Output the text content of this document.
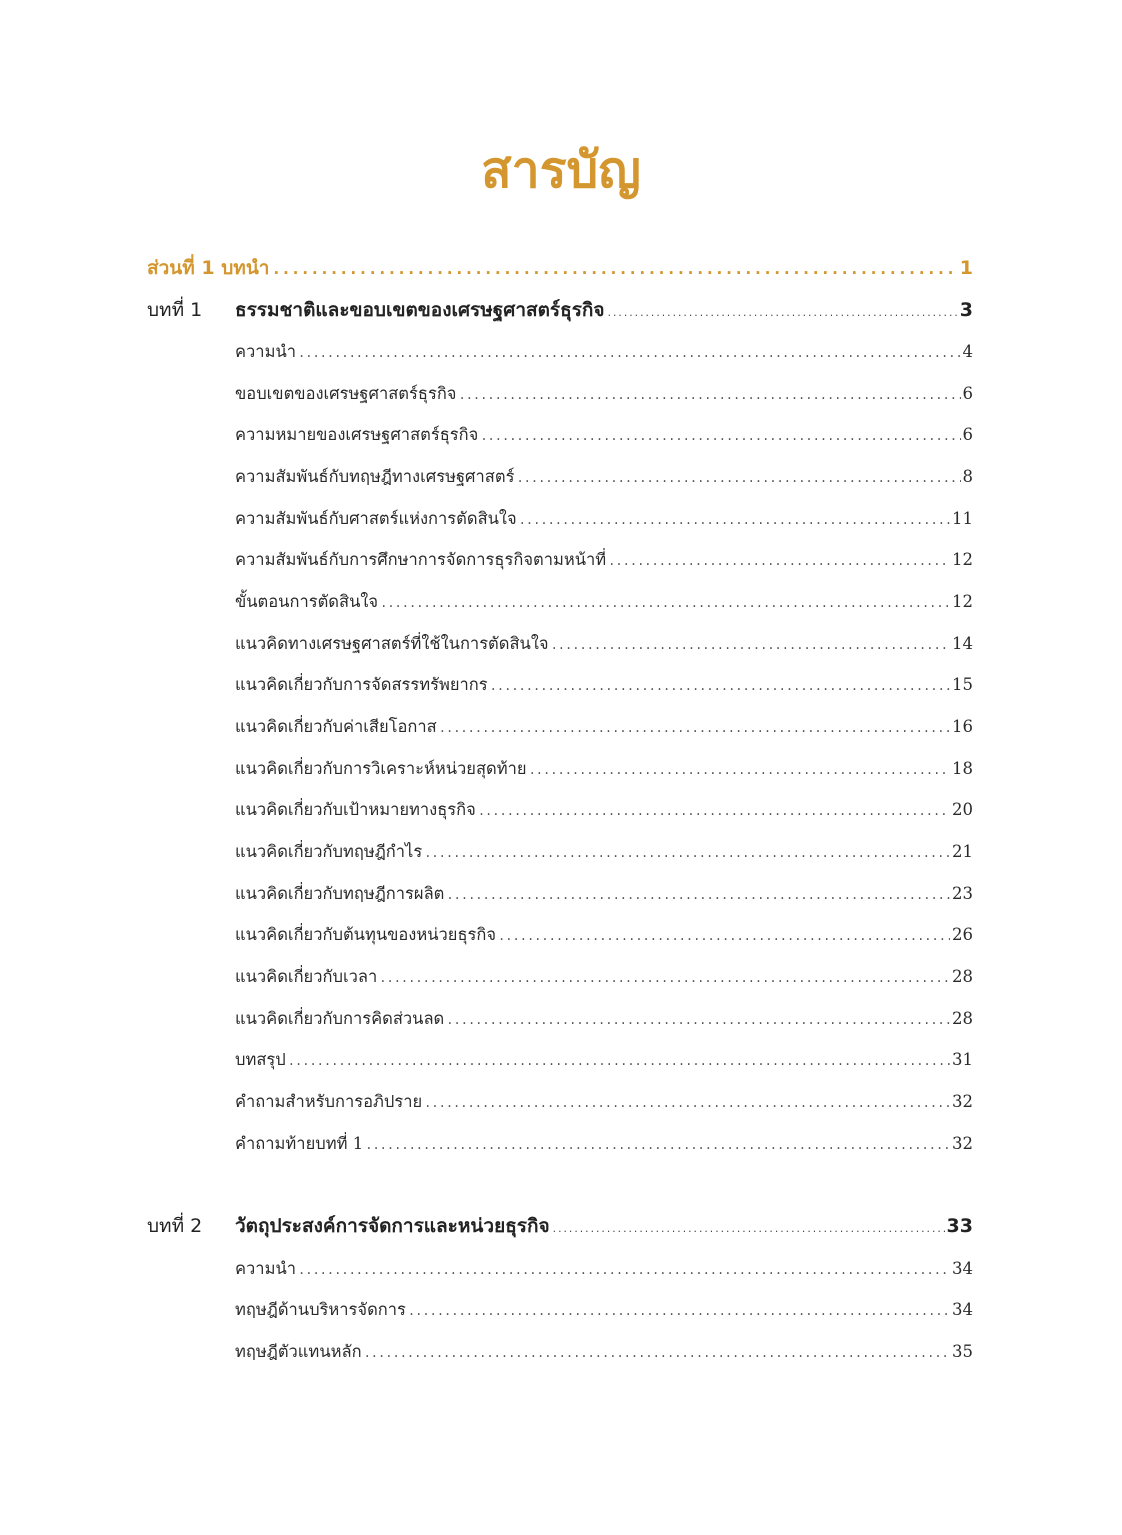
สารบัญ
ส่วนที่ 1 บทนำ .....	1
บทที่ 1	ธรรมชาติและขอบเขตของเศรษฐศาสตร์ธุรกิจ .....	3
ความนำ .....	4
ขอบเขตของเศรษฐศาสตร์ธุรกิจ .....	6
ความหมายของเศรษฐศาสตร์ธุรกิจ .....	6
ความสัมพันธ์กับทฤษฎีทางเศรษฐศาสตร์ .....	8
ความสัมพันธ์กับศาสตร์แห่งการตัดสินใจ .....	11
ความสัมพันธ์กับการศึกษาการจัดการธุรกิจตามหน้าที่ .....	12
ขั้นตอนการตัดสินใจ .....	12
แนวคิดทางเศรษฐศาสตร์ที่ใช้ในการตัดสินใจ .....	14
แนวคิดเกี่ยวกับการจัดสรรทรัพยากร .....	15
แนวคิดเกี่ยวกับค่าเสียโอกาส .....	16
แนวคิดเกี่ยวกับการวิเคราะห์หน่วยสุดท้าย .....	18
แนวคิดเกี่ยวกับเป้าหมายทางธุรกิจ .....	20
แนวคิดเกี่ยวกับทฤษฎีกำไร .....	21
แนวคิดเกี่ยวกับทฤษฎีการผลิต .....	23
แนวคิดเกี่ยวกับต้นทุนของหน่วยธุรกิจ .....	26
แนวคิดเกี่ยวกับเวลา .....	28
แนวคิดเกี่ยวกับการคิดส่วนลด .....	28
บทสรุป .....	31
คำถามสำหรับการอภิปราย .....	32
คำถามท้ายบทที่ 1 .....	32
บทที่ 2	วัตถุประสงค์การจัดการและหน่วยธุรกิจ .....	33
ความนำ .....	34
ทฤษฎีด้านบริหารจัดการ .....	34
ทฤษฎีตัวแทนหลัก .....	35
